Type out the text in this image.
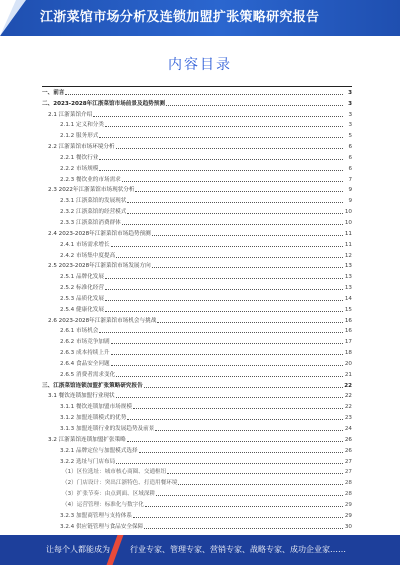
江浙菜馆市场分析及连锁加盟扩张策略研究报告
内容目录
一、前言	3
二、2023-2028年江浙菜馆市场前景及趋势预测	3
2.1 江浙菜馆介绍	3
2.1.1 定义和分类	3
2.1.2 服务形式	5
2.2 江浙菜馆市场环境分析	6
2.2.1 餐饮行业	6
2.2.2 市场规模	6
2.2.3 餐饮业的市场需求	7
2.3 2022年江浙菜馆市场现状分析	9
2.3.1 江浙菜馆的发展现状	9
2.3.2 江浙菜馆的经营模式	10
2.3.3 江浙菜馆消费群体	10
2.4 2023-2028年江浙菜馆市场趋势预测	11
2.4.1 市场需求增长	11
2.4.2 市场集中度提高	12
2.5 2023-2028年江浙菜馆市场发展方向	13
2.5.1 品牌化发展	13
2.5.2 标准化经营	13
2.5.3 品质化发展	14
2.5.4 健康化发展	15
2.6 2023-2028年江浙菜馆市场机会与挑战	16
2.6.1 市场机会	16
2.6.2 市场竞争加剧	17
2.6.3 成本持续上升	18
2.6.4 食品安全问题	20
2.6.5 消费者需求变化	21
三、江浙菜馆连锁加盟扩张策略研究报告	22
3.1 餐饮连锁加盟行业现状	22
3.1.1 餐饮连锁加盟市场规模	22
3.1.2 加盟连锁模式的优势	23
3.1.3 加盟连锁行业的发展趋势及前景	24
3.2 江浙菜馆连锁加盟扩张策略	26
3.2.1 品牌定位与加盟模式选择	26
3.2.2 选址与门店布局	27
（1）区位选址：城市核心商圈、交通枢纽	27
（2）门店设计：突出江浙特色、打造用餐环境	28
（3）扩张节奏：由点到面、区域深耕	28
（4）运营管理：标准化与数字化	29
3.2.3 加盟商管理与支持体系	29
3.2.4 供应链管理与食品安全保障	30
让每个人都能成为	行业专家、管理专家、营销专家、战略专家、成功企业家……
